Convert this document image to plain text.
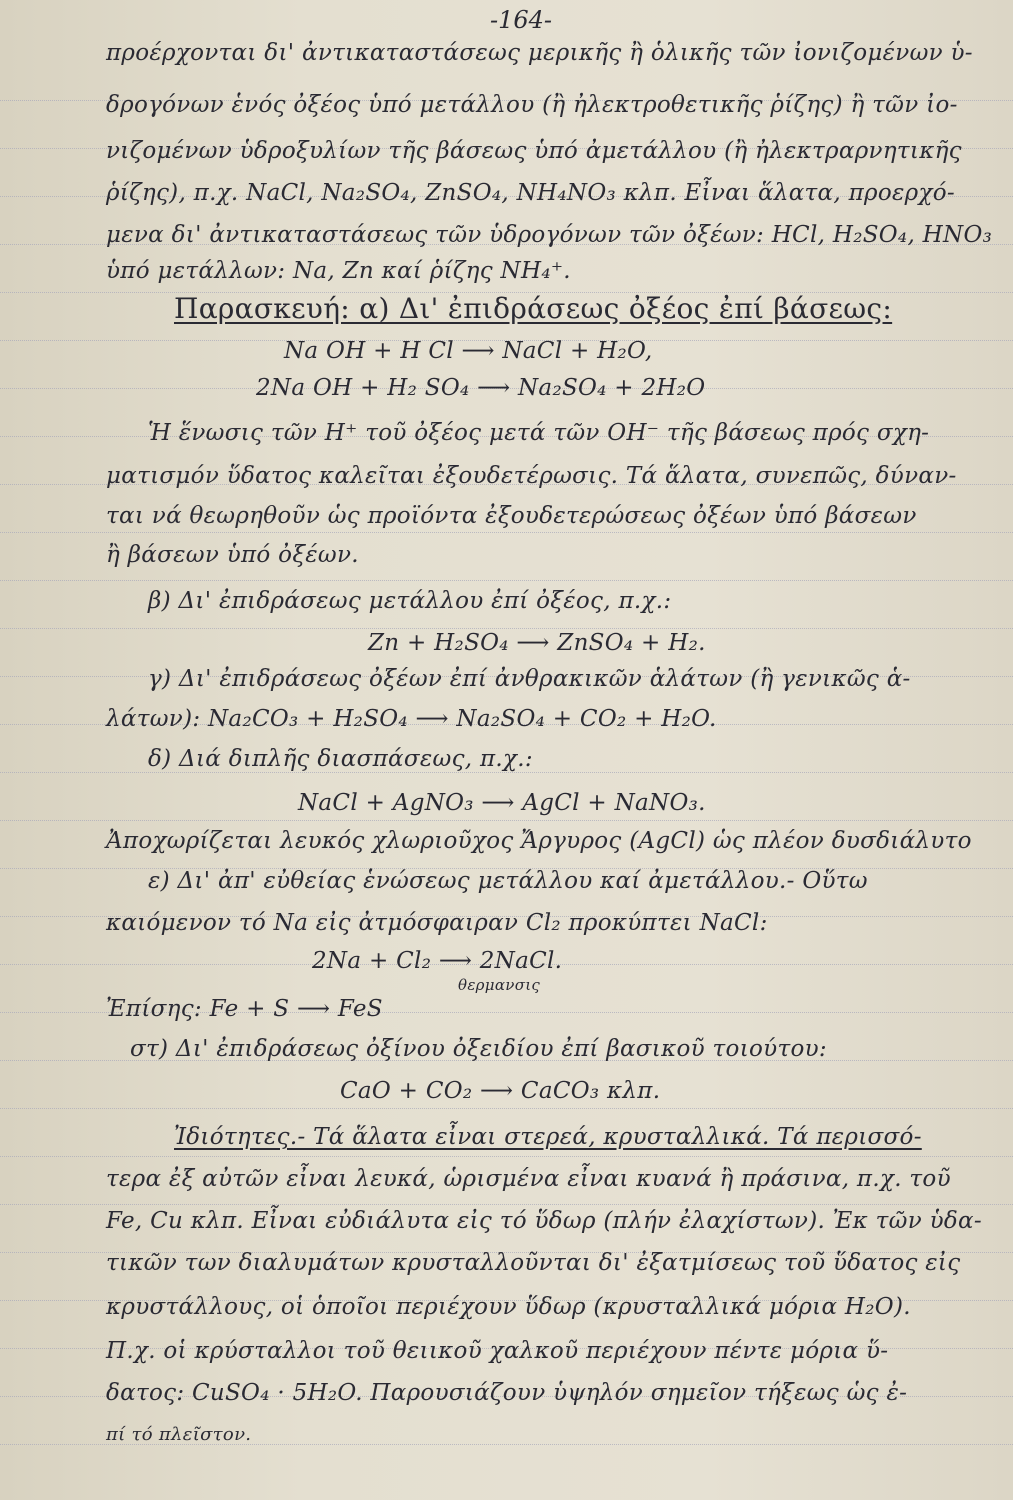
-164-
προέρχονται δι' ἀντικαταστάσεως μερικῆς ἢ ὁλικῆς τῶν ἰονιζομένων ὑ-
δρογόνων ἑνός ὀξέος ὑπό μετάλλου (ἢ ἠλεκτροθετικῆς ῥίζης) ἢ τῶν ἰο-
νιζομένων ὑδροξυλίων τῆς βάσεως ὑπό ἀμετάλλου (ἢ ἠλεκτραρνητικῆς
ῥίζης), π.χ. NaCl, Na₂SO₄, ZnSO₄, NH₄NO₃ κλπ. Εἶναι ἅλατα, προερχό-
μενα δι' ἀντικαταστάσεως τῶν ὑδρογόνων τῶν ὀξέων: HCl, H₂SO₄, HNO₃
ὑπό μετάλλων: Na, Zn καί ῥίζης NH₄⁺.
Παρασκευή: α) Δι' ἐπιδράσεως ὀξέος ἐπί βάσεως:
Na OH + H Cl ⟶ NaCl + H₂O,
2Na OH + H₂ SO₄ ⟶ Na₂SO₄ + 2H₂O
Ἡ ἕνωσις τῶν H⁺ τοῦ ὀξέος μετά τῶν OH⁻ τῆς βάσεως πρός σχη-
ματισμόν ὕδατος καλεῖται ἐξουδετέρωσις. Τά ἅλατα, συνεπῶς, δύναν-
ται νά θεωρηθοῦν ὡς προϊόντα ἐξουδετερώσεως ὀξέων ὑπό βάσεων
ἢ βάσεων ὑπό ὀξέων.
β) Δι' ἐπιδράσεως μετάλλου ἐπί ὀξέος, π.χ.:
Zn + H₂SO₄ ⟶ ZnSO₄ + H₂.
γ) Δι' ἐπιδράσεως ὀξέων ἐπί ἀνθρακικῶν ἁλάτων (ἢ γενικῶς ἁ-
λάτων): Na₂CO₃ + H₂SO₄ ⟶ Na₂SO₄ + CO₂ + H₂O.
δ) Διά διπλῆς διασπάσεως, π.χ.:
NaCl + AgNO₃ ⟶ AgCl + NaNO₃.
Ἀποχωρίζεται λευκός χλωριοῦχος Ἄργυρος (AgCl) ὡς πλέον δυσδιάλυτο
ε) Δι' ἀπ' εὐθείας ἑνώσεως μετάλλου καί ἀμετάλλου.- Οὕτω
καιόμενον τό Na εἰς ἀτμόσφαιραν Cl₂ προκύπτει NaCl:
2Na + Cl₂ ⟶ 2NaCl.
θερμανσις
Ἐπίσης: Fe + S ⟶ FeS
στ) Δι' ἐπιδράσεως ὀξίνου ὀξειδίου ἐπί βασικοῦ τοιούτου:
CaO + CO₂ ⟶ CaCO₃ κλπ.
Ἰδιότητες.- Τά ἅλατα εἶναι στερεά, κρυσταλλικά. Τά περισσό-
τερα ἐξ αὐτῶν εἶναι λευκά, ὡρισμένα εἶναι κυανά ἢ πράσινα, π.χ. τοῦ
Fe, Cu κλπ. Εἶναι εὐδιάλυτα εἰς τό ὕδωρ (πλήν ἐλαχίστων). Ἐκ τῶν ὑδα-
τικῶν των διαλυμάτων κρυσταλλοῦνται δι' ἐξατμίσεως τοῦ ὕδατος εἰς
κρυστάλλους, οἱ ὁποῖοι περιέχουν ὕδωρ (κρυσταλλικά μόρια H₂O).
Π.χ. οἱ κρύσταλλοι τοῦ θειικοῦ χαλκοῦ περιέχουν πέντε μόρια ὕ-
δατος: CuSO₄ · 5H₂O. Παρουσιάζουν ὑψηλόν σημεῖον τήξεως ὡς ἐ-
πί τό πλεῖστον.
